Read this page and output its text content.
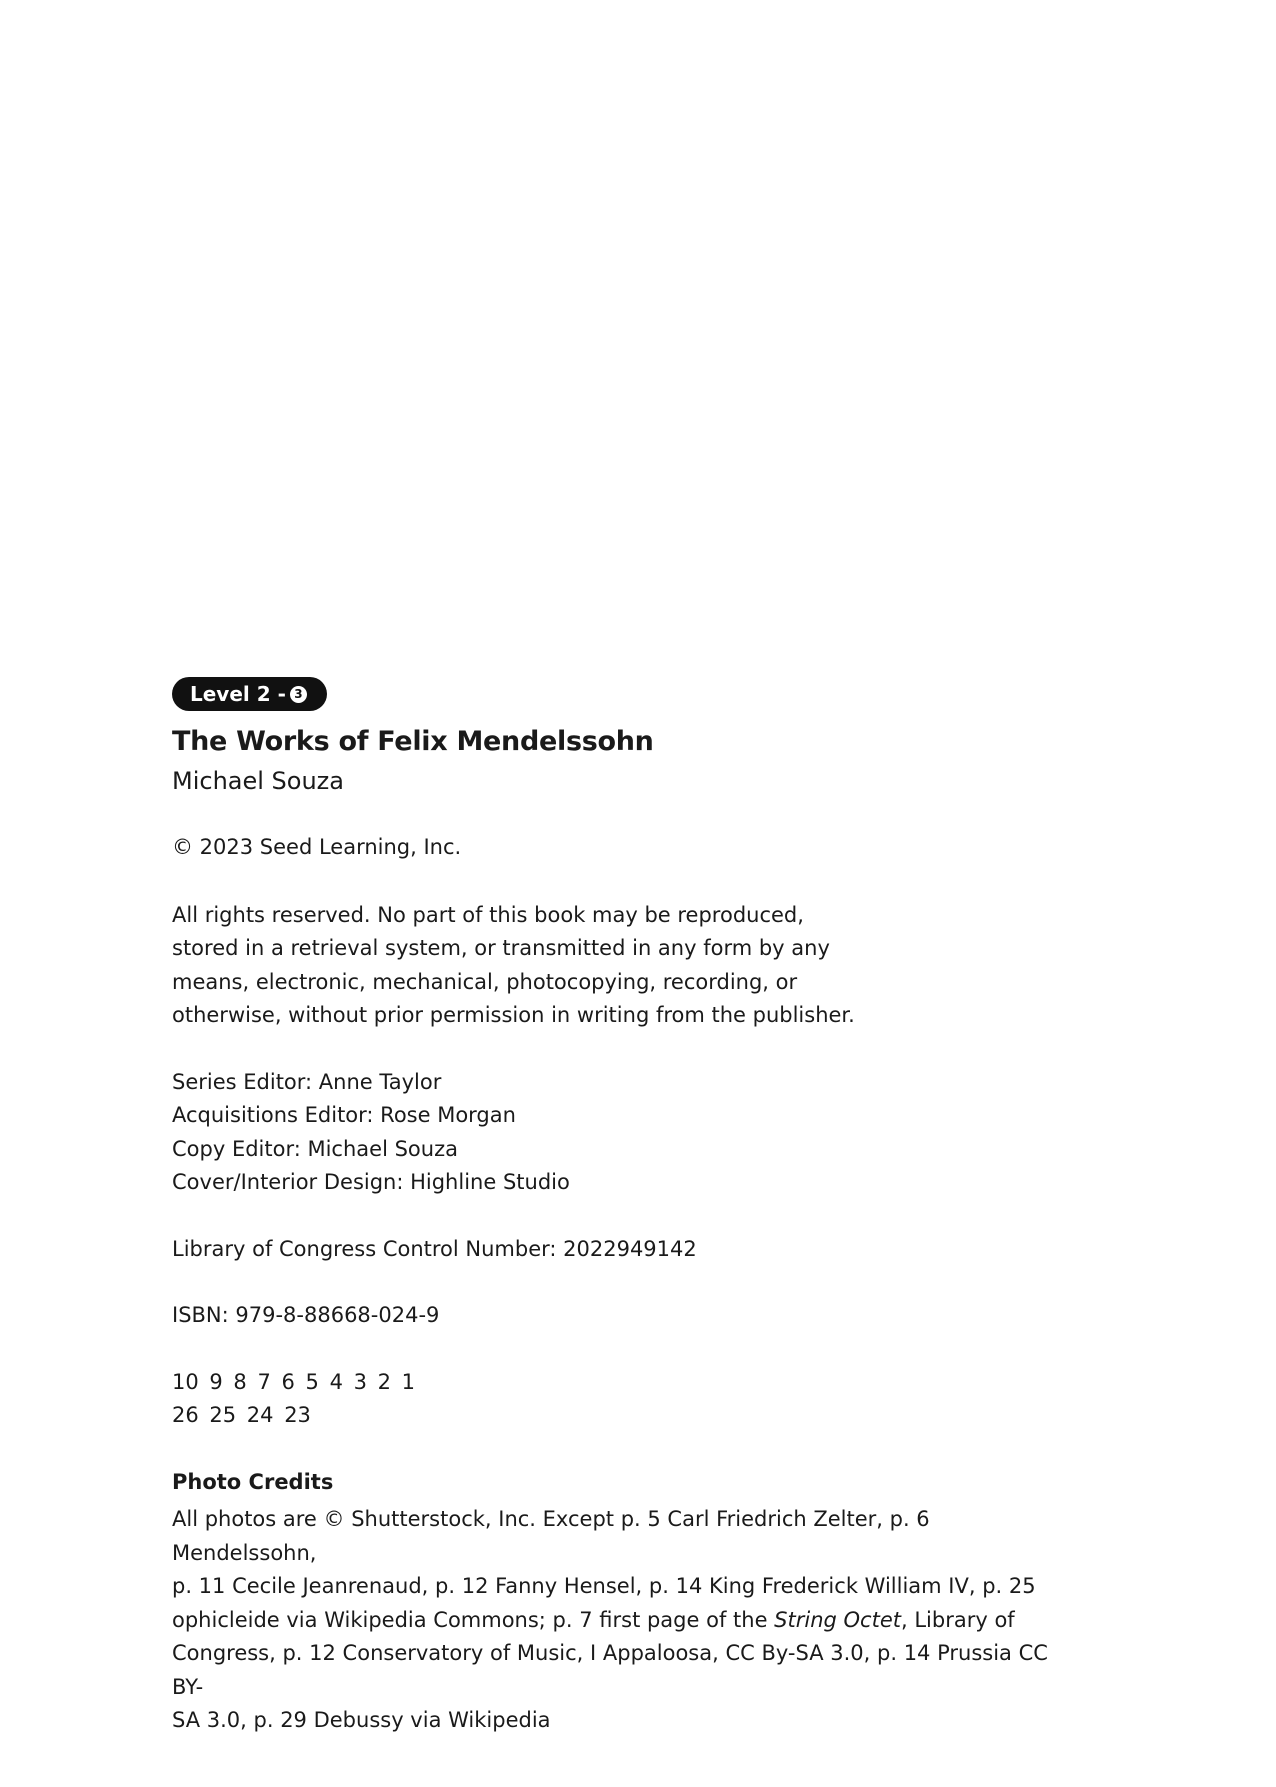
Level 2 - 3
The Works of Felix Mendelssohn
Michael Souza
© 2023 Seed Learning, Inc.

All rights reserved. No part of this book may be reproduced,

stored in a retrieval system, or transmitted in any form by any

means, electronic, mechanical, photocopying, recording, or

otherwise, without prior permission in writing from the publisher.

Series Editor: Anne Taylor

Acquisitions Editor: Rose Morgan

Copy Editor: Michael Souza

Cover/Interior Design: Highline Studio

Library of Congress Control Number: 2022949142
ISBN: 979-8-88668-024-9
10 9 8 7 6 5 4 3 2 1
26 25 24 23
Photo Credits

All photos are © Shutterstock, Inc. Except p. 5 Carl Friedrich Zelter, p. 6 Mendelssohn,

p. 11 Cecile Jeanrenaud, p. 12 Fanny Hensel, p. 14 King Frederick William IV, p. 25

ophicleide via Wikipedia Commons; p. 7 first page of the String Octet, Library of

Congress, p. 12 Conservatory of Music, I Appaloosa, CC By-SA 3.0, p. 14 Prussia CC BY-

SA 3.0, p. 29 Debussy via Wikipedia
